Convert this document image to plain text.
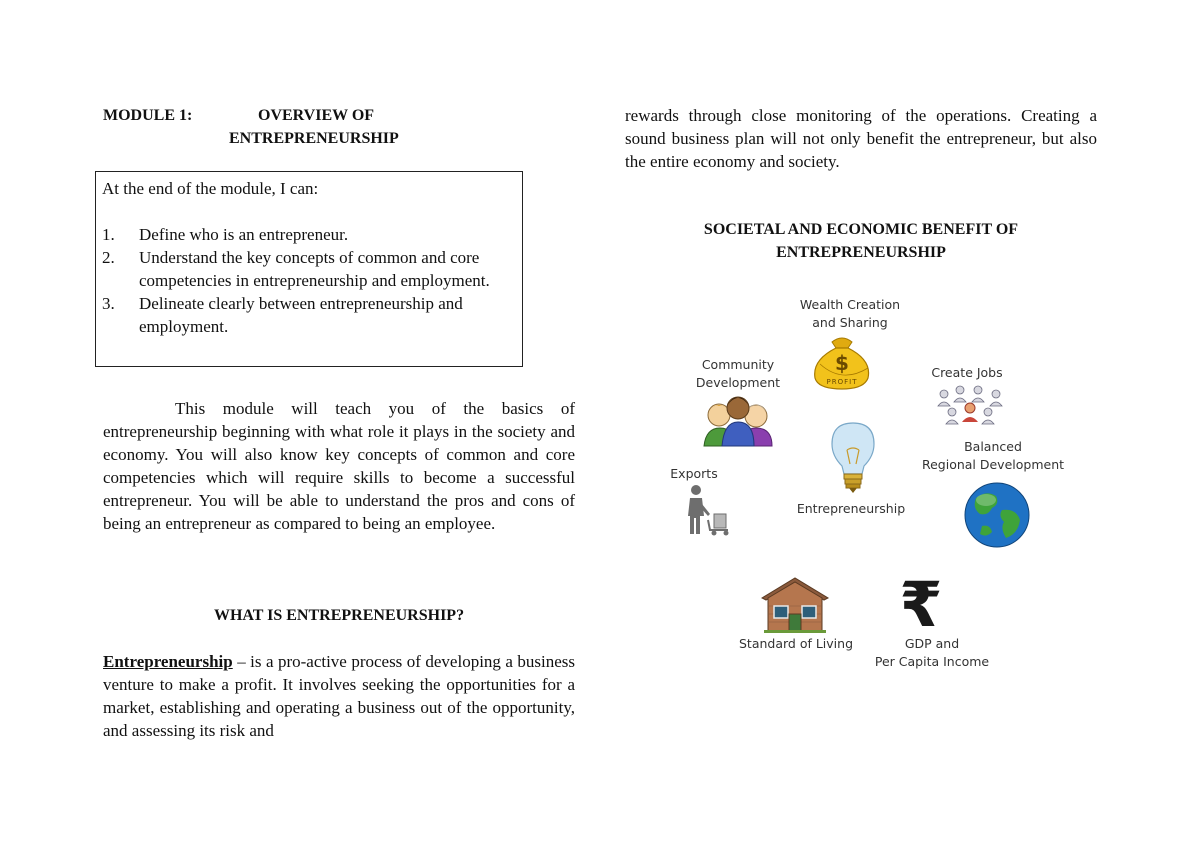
MODULE 1:	OVERVIEW OF
ENTREPRENEURSHIP
At the end of the module, I can:
1.	Define who is an entrepreneur.
2.	Understand the key concepts of common and core competencies in entrepreneurship and employment.
3.	Delineate clearly between entrepreneurship and employment.

This module will teach you of the basics of entrepreneurship beginning with what role it plays in the society and economy. You will also know key concepts of common and core competencies which will require skills to become a successful entrepreneur. You will be able to understand the pros and cons of being an entrepreneur as compared to being an employee.

WHAT IS ENTREPRENEURSHIP?

Entrepreneurship – is a pro-active process of developing a business venture to make a profit. It involves seeking the opportunities for a market, establishing and operating a business out of the opportunity, and assessing its risk and

rewards through close monitoring of the operations. Creating a sound business plan will not only benefit the entrepreneur, but also the entire economy and society.

SOCIETAL AND ECONOMIC BENEFIT OF
ENTREPRENEURSHIP
Wealth Creation
and Sharing
$
PROFIT
Community
Development
Create Jobs
Balanced
Regional Development
Exports
Entrepreneurship
Standard of Living
₹
GDP and
Per Capita Income
